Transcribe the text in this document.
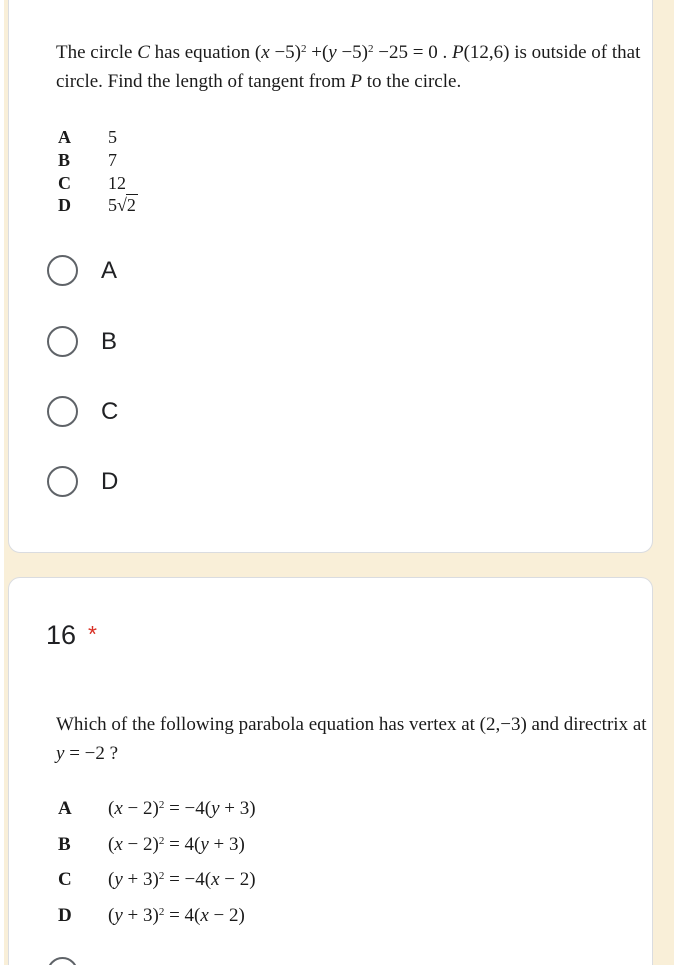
The circle C has equation $(x -5)^2 +(y -5)^2 -25 = 0$ . P(12,6) is outside of that

circle. Find the length of tangent from P to the circle.

A 5
B 7
C 12
D 5√2
A
B
C
D
16 *

Which of the following parabola equation has vertex at (2,−3) and directrix at

y = −2 ?

A $(x - 2)^2 = -4(y + 3)$
B $(x - 2)^2 = 4(y + 3)$
C $(y + 3)^2 = -4(x - 2)$
D $(y + 3)^2 = 4(x - 2)$
